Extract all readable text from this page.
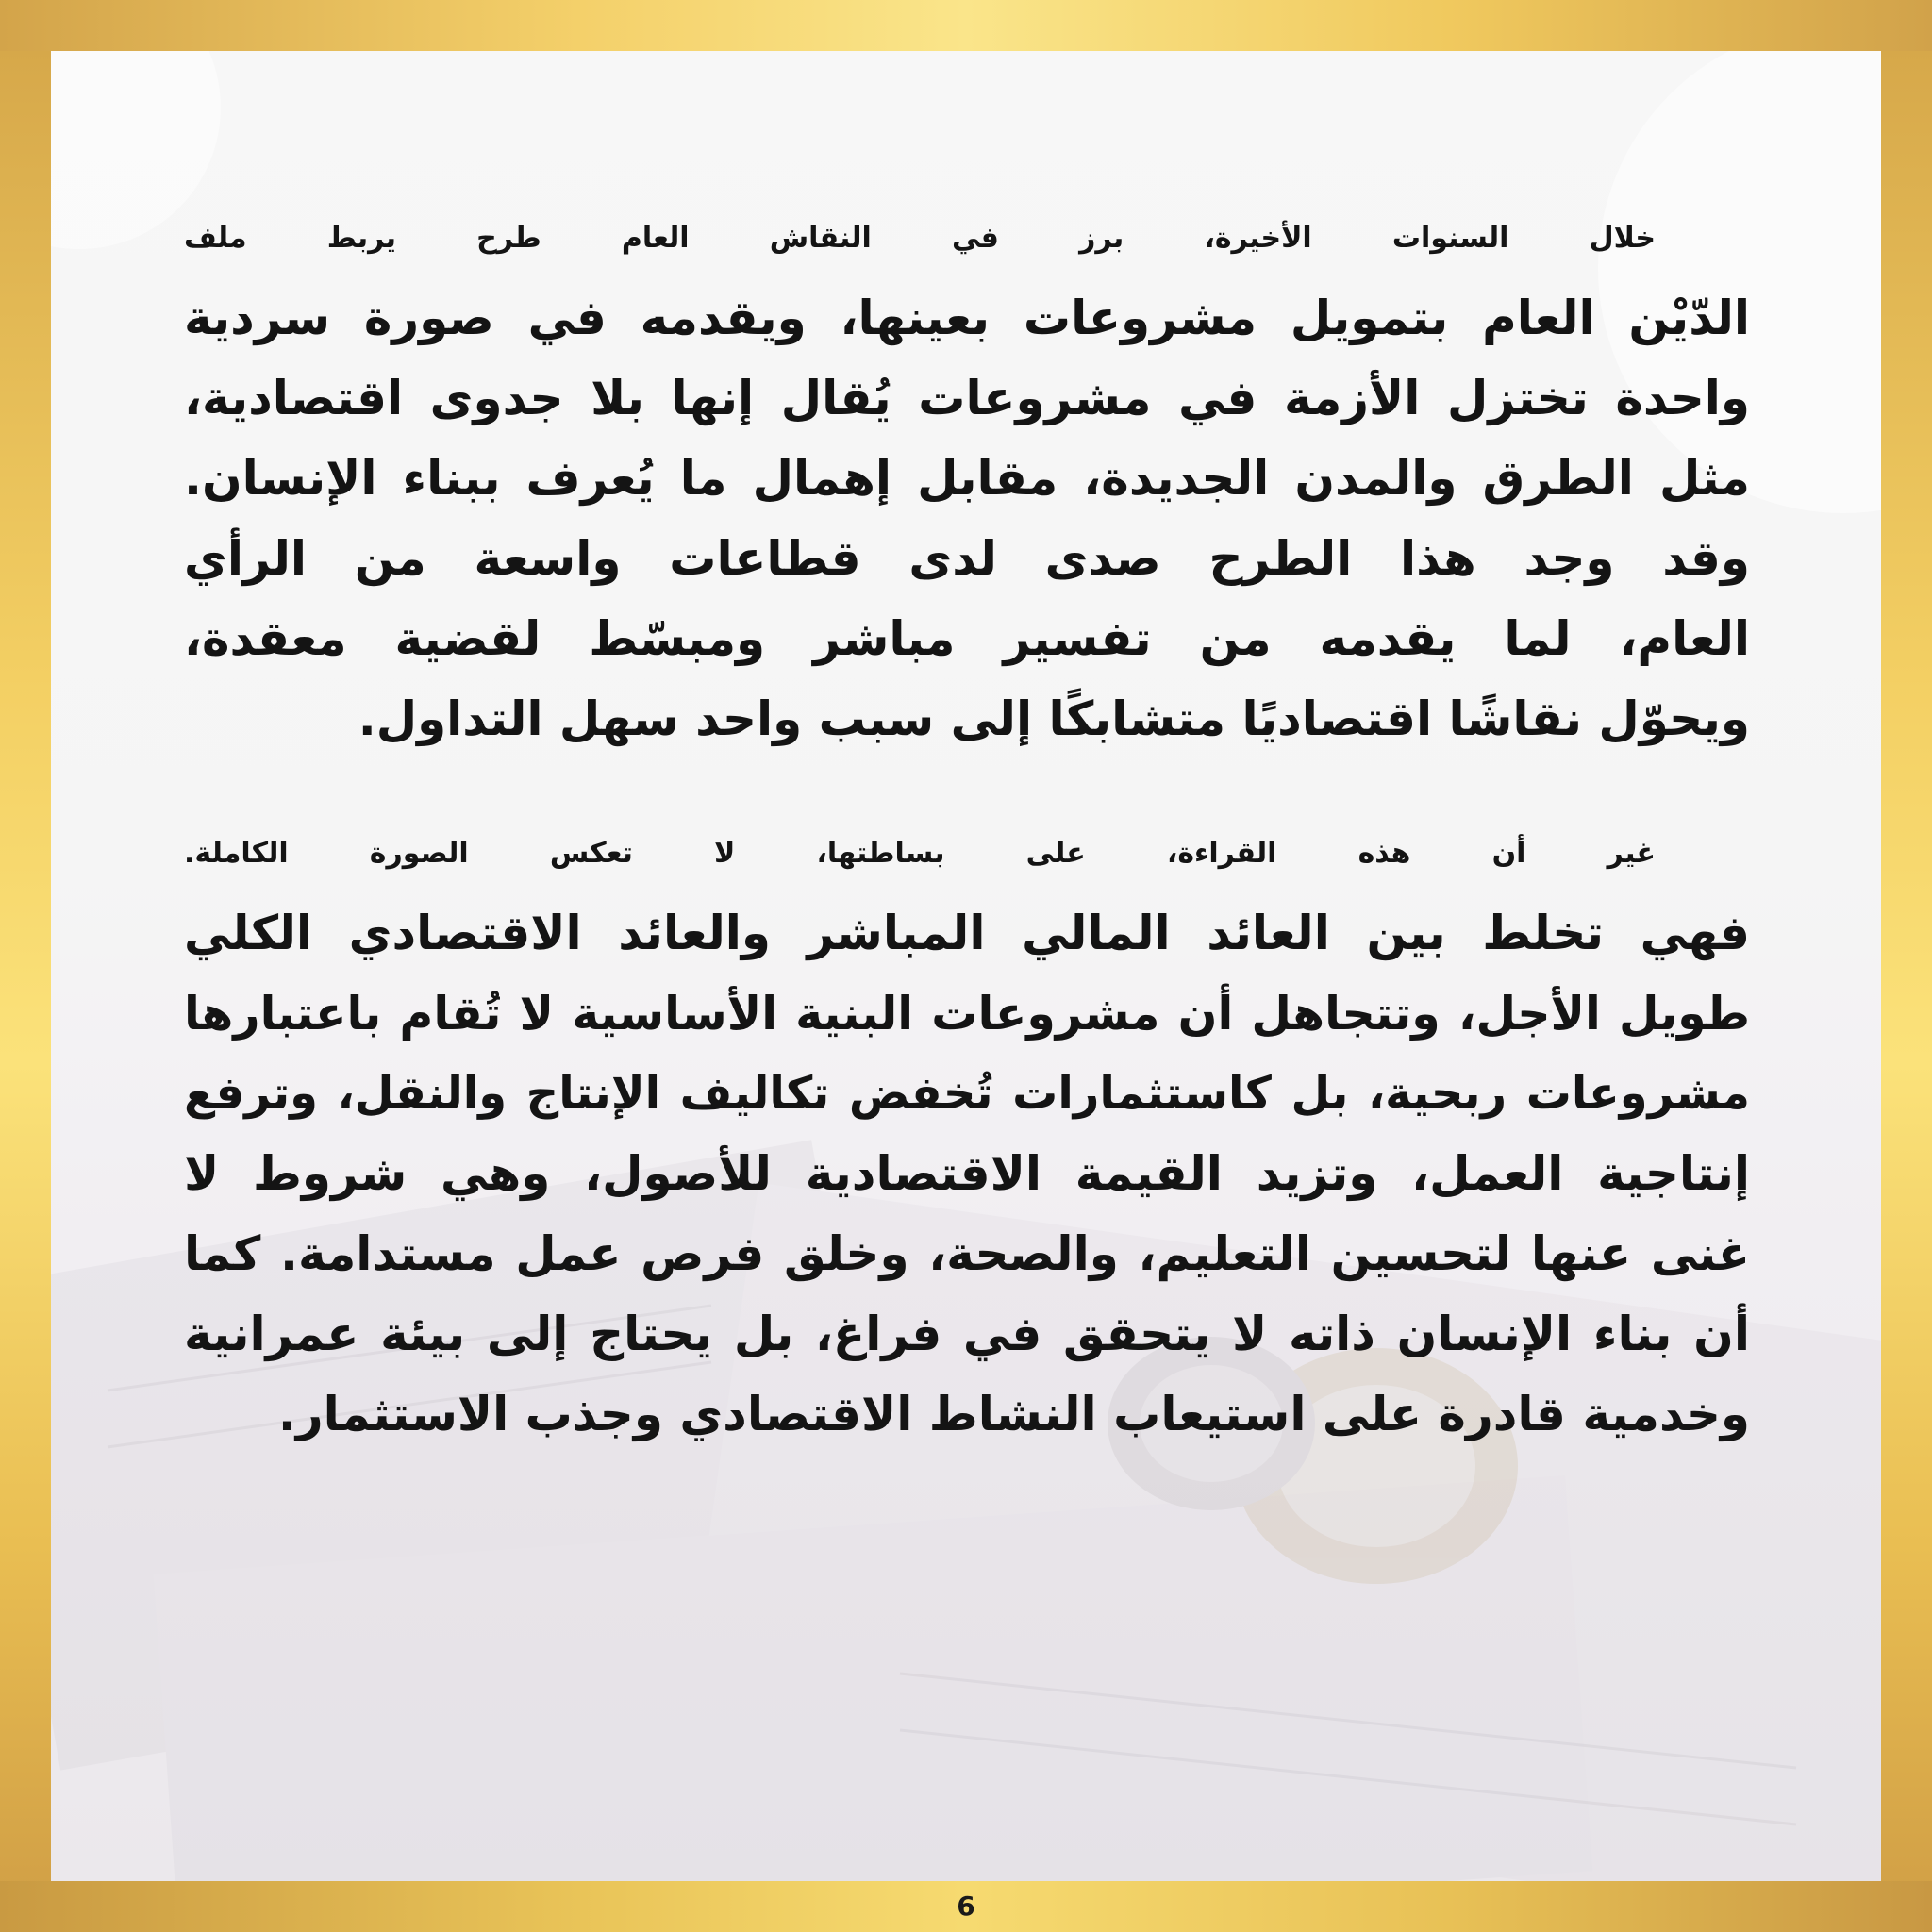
خلال السنوات الأخيرة، برز في النقاش العام طرح يربط ملف
الدّيْن العام بتمويل مشروعات بعينها، ويقدمه في صورة سردية
واحدة تختزل الأزمة في مشروعات يُقال إنها بلا جدوى اقتصادية،
مثل الطرق والمدن الجديدة، مقابل إهمال ما يُعرف ببناء الإنسان.
وقد وجد هذا الطرح صدى لدى قطاعات واسعة من الرأي
العام، لما يقدمه من تفسير مباشر ومبسّط لقضية معقدة،
ويحوّل نقاشًا اقتصاديًا متشابكًا إلى سبب واحد سهل التداول.
غير أن هذه القراءة، على بساطتها، لا تعكس الصورة الكاملة.
فهي تخلط بين العائد المالي المباشر والعائد الاقتصادي الكلي
طويل الأجل، وتتجاهل أن مشروعات البنية الأساسية لا تُقام باعتبارها
مشروعات ربحية، بل كاستثمارات تُخفض تكاليف الإنتاج والنقل، وترفع
إنتاجية العمل، وتزيد القيمة الاقتصادية للأصول، وهي شروط لا
غنى عنها لتحسين التعليم، والصحة، وخلق فرص عمل مستدامة. كما
أن بناء الإنسان ذاته لا يتحقق في فراغ، بل يحتاج إلى بيئة عمرانية
وخدمية قادرة على استيعاب النشاط الاقتصادي وجذب الاستثمار.
6
